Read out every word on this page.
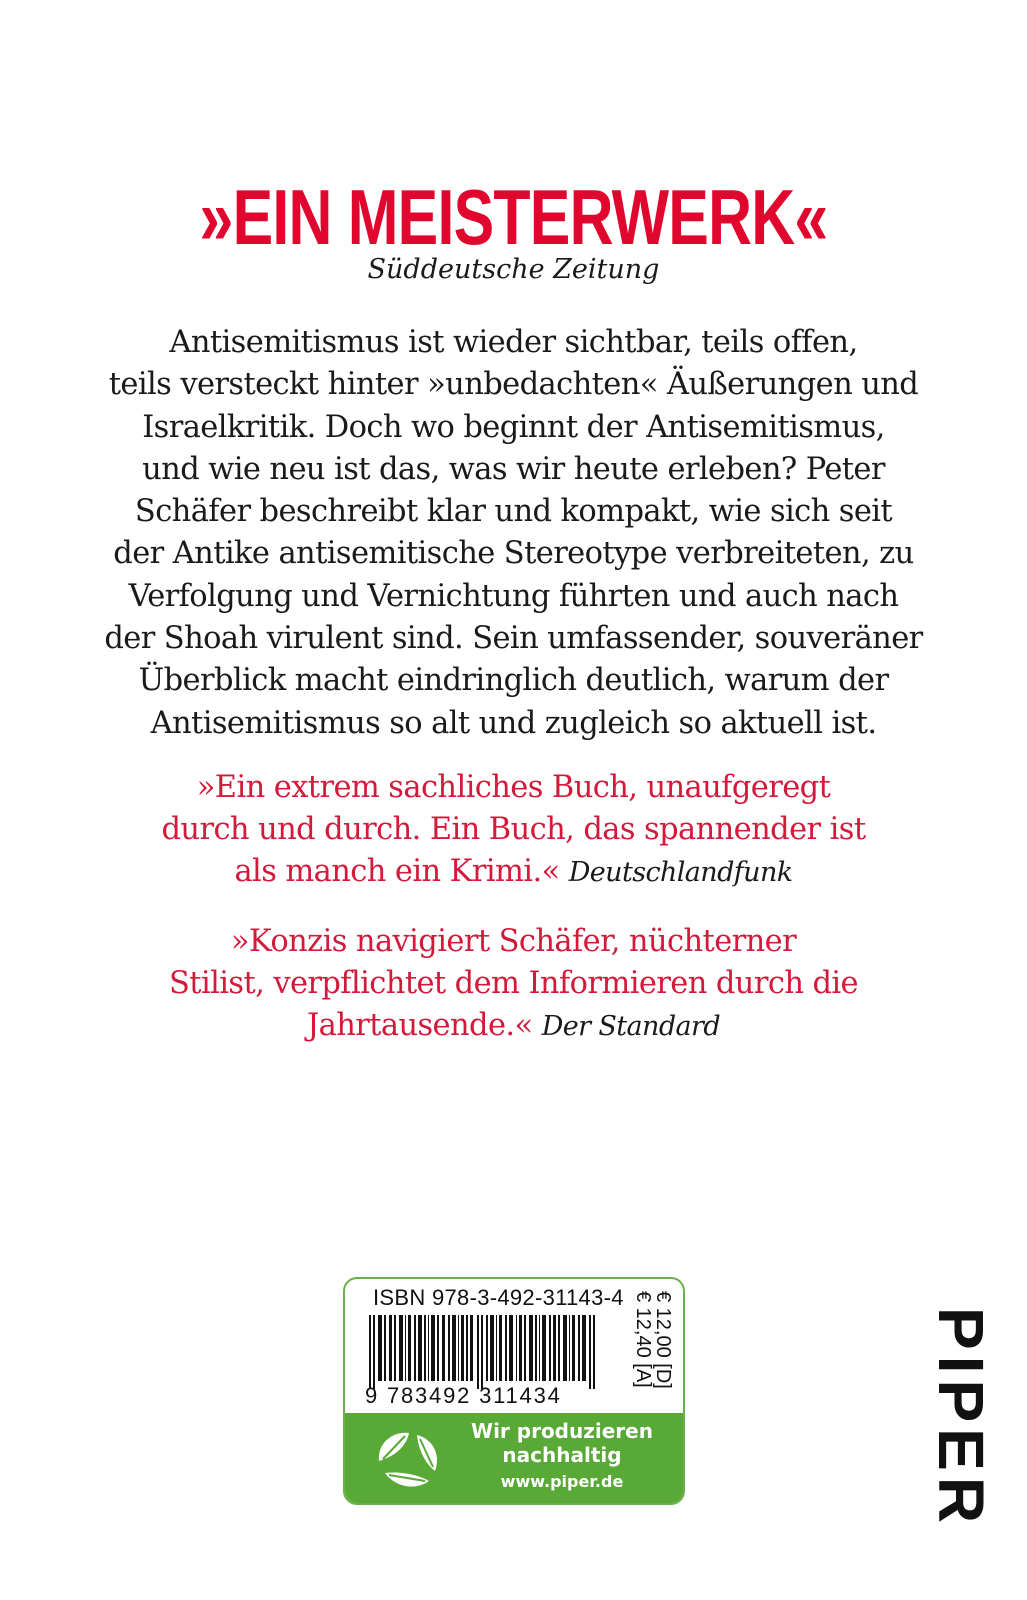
»EIN MEISTERWERK«
Süddeutsche Zeitung
Antisemitismus ist wieder sichtbar, teils offen,
teils versteckt hinter »unbedachten« Äußerungen und
Israelkritik. Doch wo beginnt der Antisemitismus,
und wie neu ist das, was wir heute erleben? Peter
Schäfer beschreibt klar und kompakt, wie sich seit
der Antike antisemitische Stereotype verbreiteten, zu
Verfolgung und Vernichtung führten und auch nach
der Shoah virulent sind. Sein umfassender, souveräner
Überblick macht eindringlich deutlich, warum der
Antisemitismus so alt und zugleich so aktuell ist.
»Ein extrem sachliches Buch, unaufgeregt
durch und durch. Ein Buch, das spannender ist
als manch ein Krimi.« Deutschlandfunk
»Konzis navigiert Schäfer, nüchterner
Stilist, verpflichtet dem Informieren durch die
Jahrtausende.« Der Standard
ISBN 978-3-492-31143-4
9 783492 311434
€ 12,00 [D]
€ 12,40 [A]
Wir produzieren
nachhaltig
www.piper.de	PIPER
